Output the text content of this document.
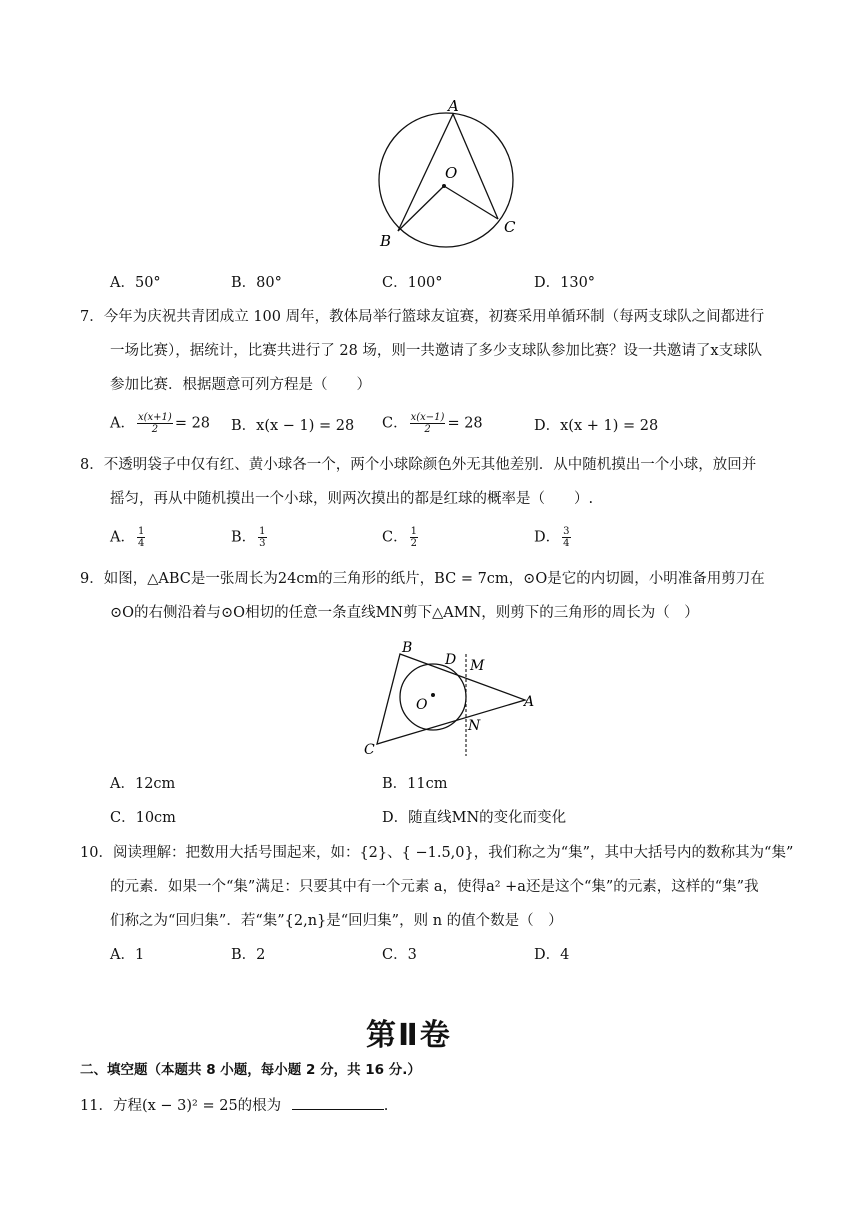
A
O
B
C
A．50°	B．80°	C．100°	D．130°
7．今年为庆祝共青团成立 100 周年，教体局举行篮球友谊赛，初赛采用单循环制（每两支球队之间都进行
一场比赛），据统计，比赛共进行了 28 场，则一共邀请了多少支球队参加比赛？设一共邀请了x支球队
参加比赛．根据题意可列方程是（　　）
A． $\frac{x(x+1)}{2} = 28$ B．x(x − 1) = 28 C． $\frac{x(x-1)}{2} = 28$	D．x(x + 1) = 28
8．不透明袋子中仅有红、黄小球各一个，两个小球除颜色外无其他差别．从中随机摸出一个小球，放回并
摇匀，再从中随机摸出一个小球，则两次摸出的都是红球的概率是（　　）.
A． $\frac{1}{4}$	B． $\frac{1}{3}$	C． $\frac{1}{2}$	D． $\frac{3}{4}$
9．如图，△ABC是一张周长为24cm的三角形的纸片，BC = 7cm，⊙O是它的内切圆，小明准备用剪刀在
⊙O的右侧沿着与⊙O相切的任意一条直线MN剪下△AMN，则剪下的三角形的周长为（　）
B
D M
O	A
N
C
A．12cm	B．11cm
C．10cm	D．随直线MN的变化而变化
10．阅读理解：把数用大括号围起来，如：{2}、{ −1.5,0}，我们称之为“集”，其中大括号内的数称其为“集”
的元素．如果一个“集”满足：只要其中有一个元素 a，使得a² +a还是这个“集”的元素，这样的“集”我
们称之为“回归集”．若“集”{2,n}是“回归集”，则 n 的值个数是（　）
A．1	B．2	C．3	D．4
第Ⅱ卷
二、填空题（本题共 8 小题，每小题 2 分，共 16 分.）
11．方程(x − 3)² = 25的根为	.
